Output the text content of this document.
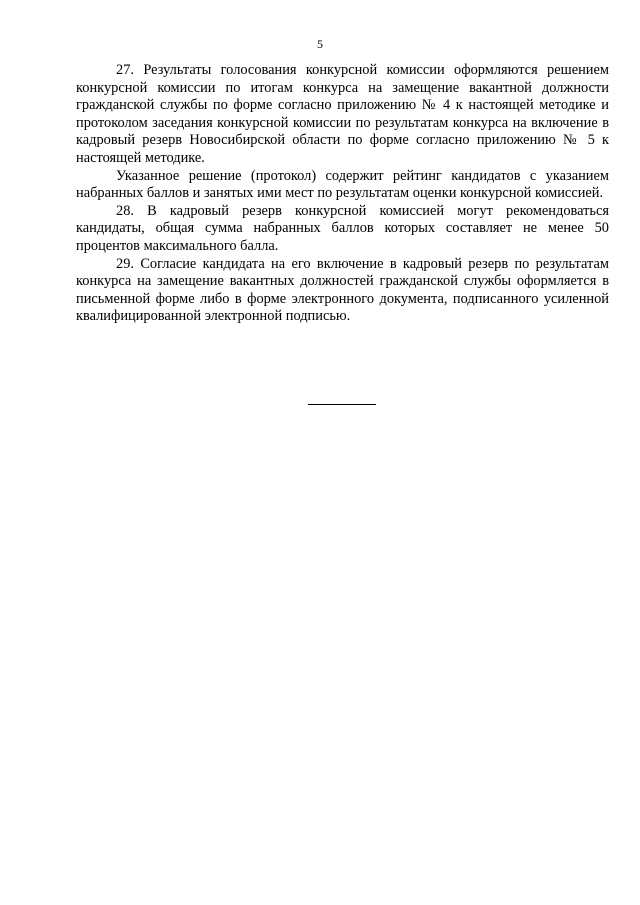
5

27. Результаты голосования конкурсной комиссии оформляются решением конкурсной комиссии по итогам конкурса на замещение вакантной должности гражданской службы по форме согласно приложению № 4 к настоящей методике и протоколом заседания конкурсной комиссии по результатам конкурса на включение в кадровый резерв Новосибирской области по форме согласно приложению № 5 к настоящей методике.

Указанное решение (протокол) содержит рейтинг кандидатов с указанием набранных баллов и занятых ими мест по результатам оценки конкурсной комиссией.

28. В кадровый резерв конкурсной комиссией могут рекомендоваться кандидаты, общая сумма набранных баллов которых составляет не менее 50 процентов максимального балла.

29. Согласие кандидата на его включение в кадровый резерв по результатам конкурса на замещение вакантных должностей гражданской службы оформляется в письменной форме либо в форме электронного документа, подписанного усиленной квалифицированной электронной подписью.
